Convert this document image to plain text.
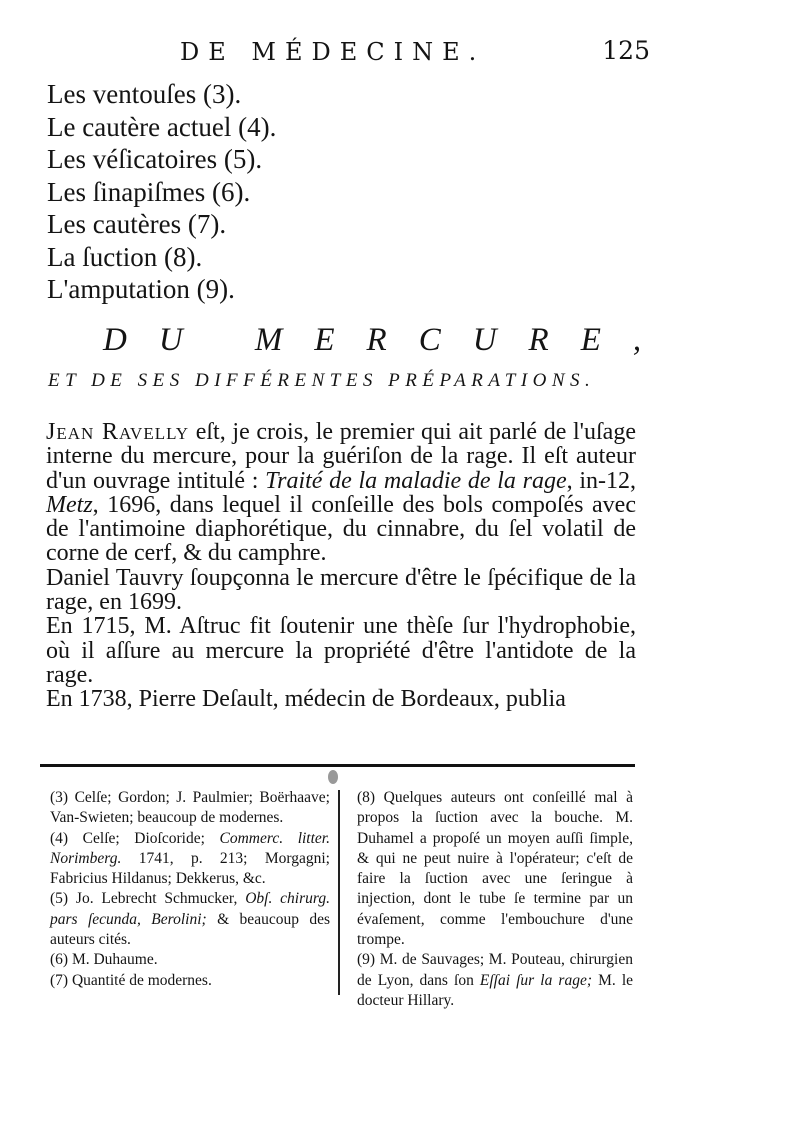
DE MÉDECINE.	125
Les ventouſes (3).
Le cautère actuel (4).
Les véſicatoires (5).
Les ſinapiſmes (6).
Les cautères (7).
La ſuction (8).
L'amputation (9).
DU MERCURE,
ET DE SES DIFFÉRENTES PRÉPARATIONS.

Jean Ravelly eſt, je crois, le premier qui ait parlé de l'uſage interne du mercure, pour la guériſon de la rage. Il eſt auteur d'un ouvrage intitulé : Traité de la maladie de la rage, in-12, Metz, 1696, dans lequel il conſeille des bols compoſés avec de l'antimoine diaphorétique, du cinnabre, du ſel volatil de corne de cerf, & du camphre.

Daniel Tauvry ſoupçonna le mercure d'être le ſpécifique de la rage, en 1699.

En 1715, M. Aſtruc fit ſoutenir une thèſe ſur l'hydrophobie, où il aſſure au mercure la propriété d'être l'antidote de la rage.

En 1738, Pierre Deſault, médecin de Bordeaux, publia

(3) Celſe; Gordon; J. Paulmier; Boërhaave; Van-Swieten; beaucoup de modernes.

(4) Celſe; Dioſcoride; Commerc. litter. Norimberg. 1741, p. 213; Morgagni; Fabricius Hildanus; Dekkerus, &c.

(5) Jo. Lebrecht Schmucker, Obſ. chirurg. pars ſecunda, Berolini; & beaucoup des auteurs cités.

(6) M. Duhaume.

(7) Quantité de modernes.

(8) Quelques auteurs ont conſeillé mal à propos la ſuction avec la bouche. M. Duhamel a propoſé un moyen auſſi ſimple, & qui ne peut nuire à l'opérateur; c'eſt de faire la ſuction avec une ſeringue à injection, dont le tube ſe termine par un évaſement, comme l'embouchure d'une trompe.

(9) M. de Sauvages; M. Pouteau, chirurgien de Lyon, dans ſon Eſſai ſur la rage; M. le docteur Hillary.
